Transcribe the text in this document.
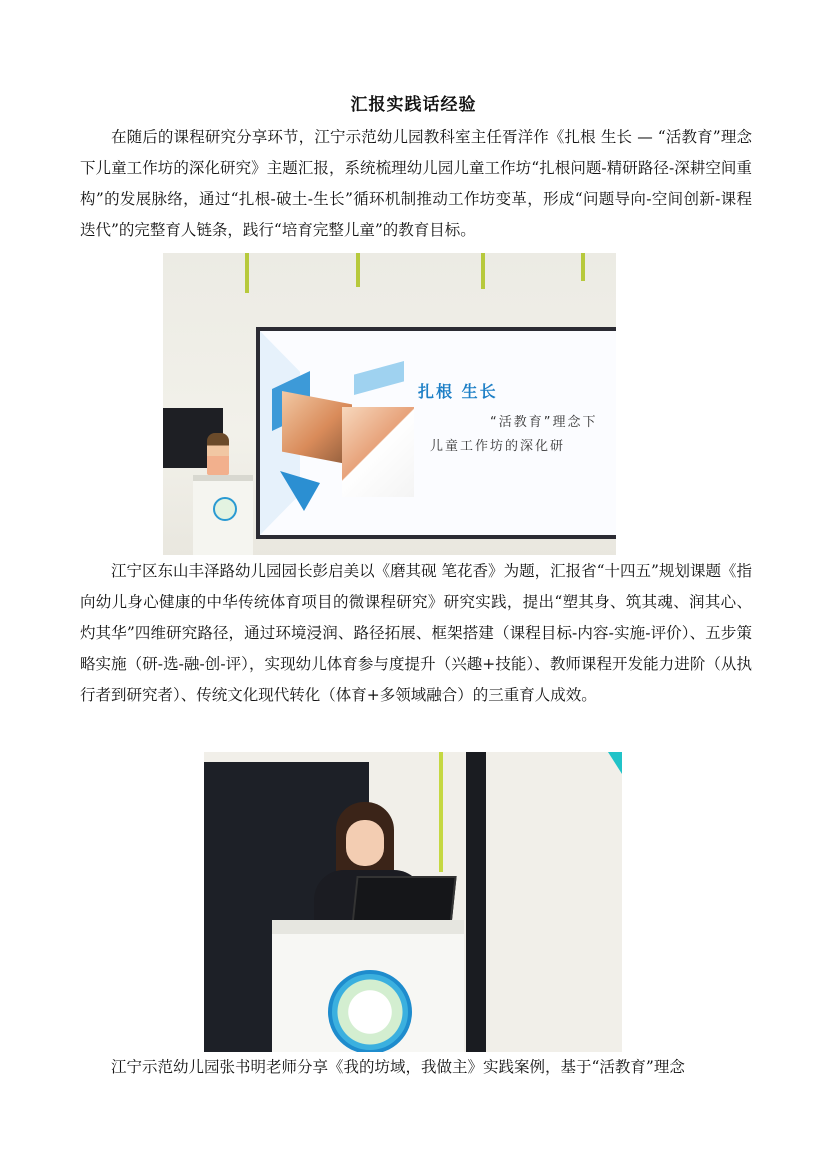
汇报实践话经验

在随后的课程研究分享环节，江宁示范幼儿园教科室主任胥洋作《扎根 生长 — “活教育”理念下儿童工作坊的深化研究》主题汇报，系统梳理幼儿园儿童工作坊“扎根问题-精研路径-深耕空间重构”的发展脉络，通过“扎根-破土-生长”循环机制推动工作坊变革，形成“问题导向-空间创新-课程迭代”的完整育人链条，践行“培育完整儿童”的教育目标。

扎根 生长
“活教育”理念下
儿童工作坊的深化研

江宁区东山丰泽路幼儿园园长彭启美以《磨其砚 笔花香》为题，汇报省“十四五”规划课题《指向幼儿身心健康的中华传统体育项目的微课程研究》研究实践，提出“塑其身、筑其魂、润其心、灼其华”四维研究路径，通过环境浸润、路径拓展、框架搭建（课程目标-内容-实施-评价）、五步策略实施（研-选-融-创-评），实现幼儿体育参与度提升（兴趣+技能）、教师课程开发能力进阶（从执行者到研究者）、传统文化现代转化（体育+多领域融合）的三重育人成效。

江宁示范幼儿园张书明老师分享《我的坊域，我做主》实践案例，基于“活教育”理念
